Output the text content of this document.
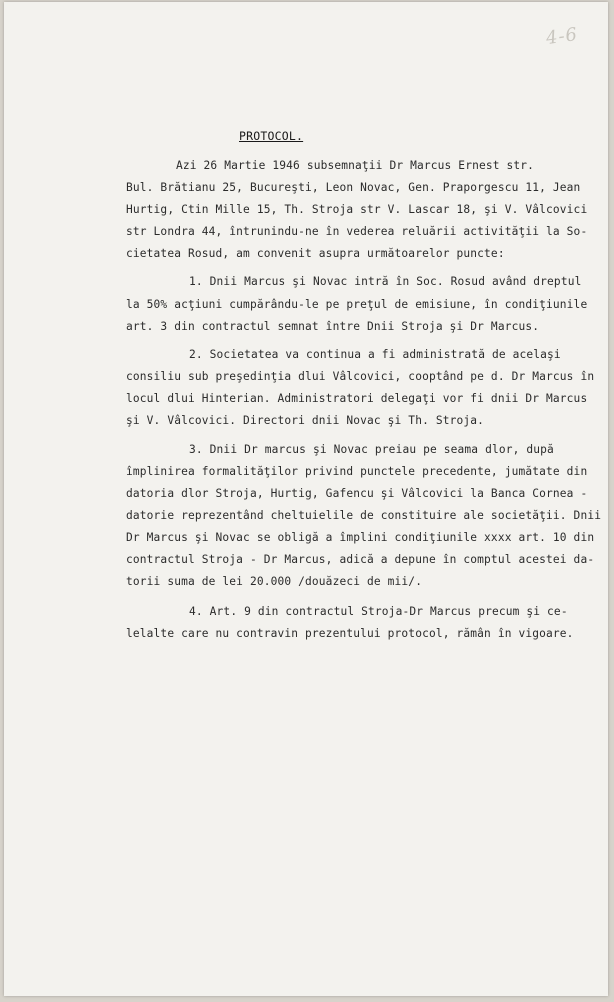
4-6
PROTOCOL.
Azi 26 Martie 1946 subsemnaţii Dr Marcus Ernest str.
Bul. Brătianu 25, Bucureşti, Leon Novac, Gen. Praporgescu 11, Jean
Hurtig, Ctin Mille 15, Th. Stroja str V. Lascar 18, şi V. Vâlcovici
str Londra 44, întrunindu-ne în vederea reluării activităţii la So-
cietatea Rosud, am convenit asupra următoarelor puncte:
1. Dnii Marcus şi Novac intră în Soc. Rosud având dreptul
la 50% acţiuni cumpărându-le pe preţul de emisiune, în condiţiunile
art. 3 din contractul semnat între Dnii Stroja şi Dr Marcus.
2. Societatea va continua a fi administrată de acelaşi
consiliu sub preşedinţia dlui Vâlcovici, cooptând pe d. Dr Marcus în
locul dlui Hinterian. Administratori delegaţi vor fi dnii Dr Marcus
şi V. Vâlcovici. Directori dnii Novac şi Th. Stroja.
3. Dnii Dr marcus şi Novac preiau pe seama dlor, după
împlinirea formalităţilor privind punctele precedente, jumătate din
datoria dlor Stroja, Hurtig, Gafencu şi Vâlcovici la Banca Cornea -
datorie reprezentând cheltuielile de constituire ale societăţii. Dnii
Dr Marcus şi Novac se obligă a împlini condiţiunile xxxx art. 10 din
contractul Stroja - Dr Marcus, adică a depune în comptul acestei da-
torii suma de lei 20.000 /douăzeci de mii/.
4. Art. 9 din contractul Stroja-Dr Marcus precum şi ce-
lelalte care nu contravin prezentului protocol, rămân în vigoare.
